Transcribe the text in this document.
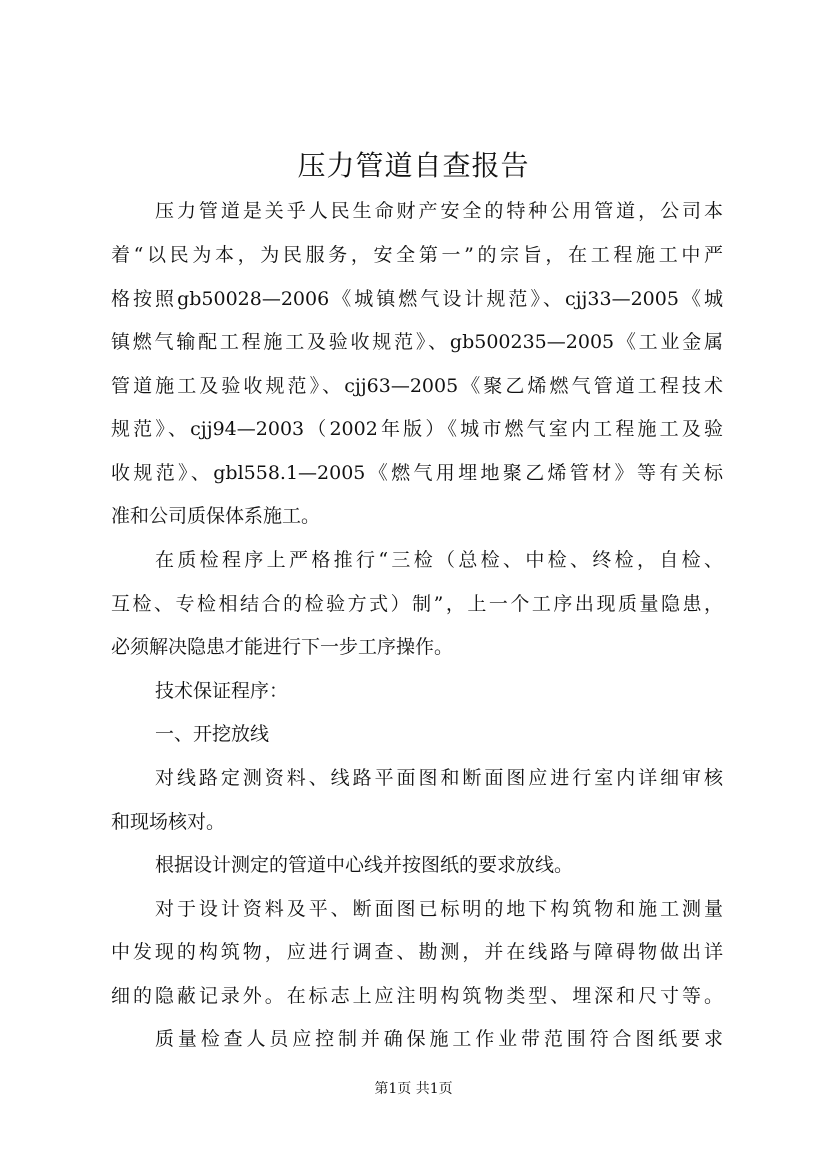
压力管道自查报告

压力管道是关乎人民生命财产安全的特种公用管道，公司本

着“以民为本，为民服务，安全第一”的宗旨，在工程施工中严

格按照gb50028—2006《城镇燃气设计规范》、cjj33—2005《城

镇燃气输配工程施工及验收规范》、gb500235—2005《工业金属

管道施工及验收规范》、cjj63—2005《聚乙烯燃气管道工程技术

规范》、cjj94—2003（2002年版）《城市燃气室内工程施工及验

收规范》、gbl558.1—2005《燃气用埋地聚乙烯管材》等有关标

准和公司质保体系施工。

在质检程序上严格推行“三检（总检、中检、终检，自检、

互检、专检相结合的检验方式）制”，上一个工序出现质量隐患，

必须解决隐患才能进行下一步工序操作。

技术保证程序：

一、开挖放线

对线路定测资料、线路平面图和断面图应进行室内详细审核

和现场核对。

根据设计测定的管道中心线并按图纸的要求放线。

对于设计资料及平、断面图已标明的地下构筑物和施工测量

中发现的构筑物，应进行调查、勘测，并在线路与障碍物做出详

细的隐蔽记录外。在标志上应注明构筑物类型、埋深和尺寸等。

质量检查人员应控制并确保施工作业带范围符合图纸要求

第1页 共1页
